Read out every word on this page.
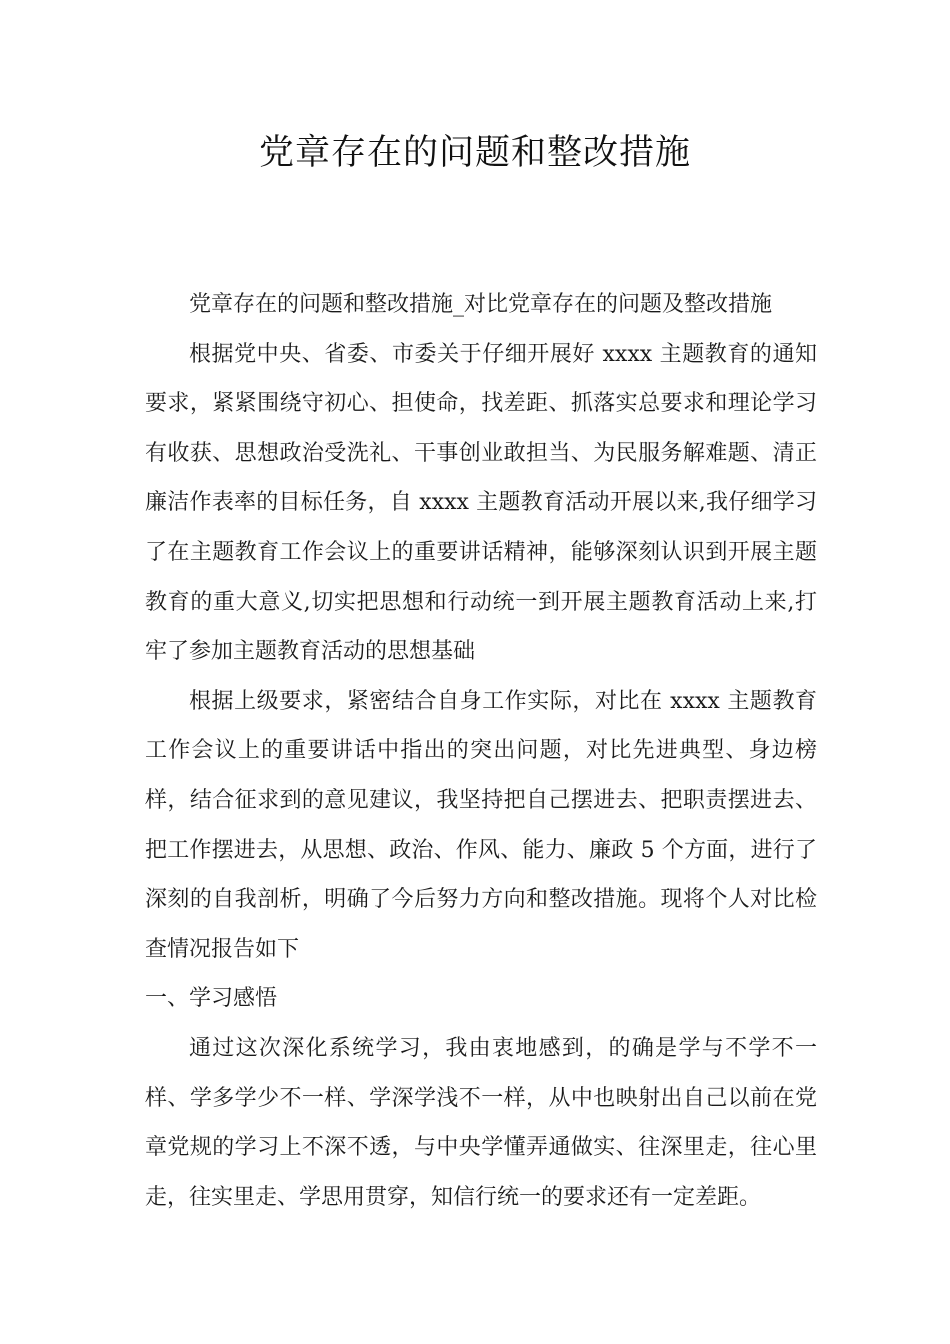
党章存在的问题和整改措施

党章存在的问题和整改措施_对比党章存在的问题及整改措施

根据党中央、省委、市委关于仔细开展好 xxxx 主题教育的通知要求，紧紧围绕守初心、担使命，找差距、抓落实总要求和理论学习有收获、思想政治受洗礼、干事创业敢担当、为民服务解难题、清正廉洁作表率的目标任务，自 xxxx 主题教育活动开展以来,我仔细学习了在主题教育工作会议上的重要讲话精神，能够深刻认识到开展主题教育的重大意义,切实把思想和行动统一到开展主题教育活动上来,打牢了参加主题教育活动的思想基础

根据上级要求，紧密结合自身工作实际，对比在 xxxx 主题教育工作会议上的重要讲话中指出的突出问题，对比先进典型、身边榜样，结合征求到的意见建议，我坚持把自己摆进去、把职责摆进去、把工作摆进去，从思想、政治、作风、能力、廉政 5 个方面，进行了深刻的自我剖析，明确了今后努力方向和整改措施。现将个人对比检查情况报告如下

一、学习感悟

通过这次深化系统学习，我由衷地感到，的确是学与不学不一样、学多学少不一样、学深学浅不一样，从中也映射出自己以前在党章党规的学习上不深不透，与中央学懂弄通做实、往深里走，往心里走，往实里走、学思用贯穿，知信行统一的要求还有一定差距。
